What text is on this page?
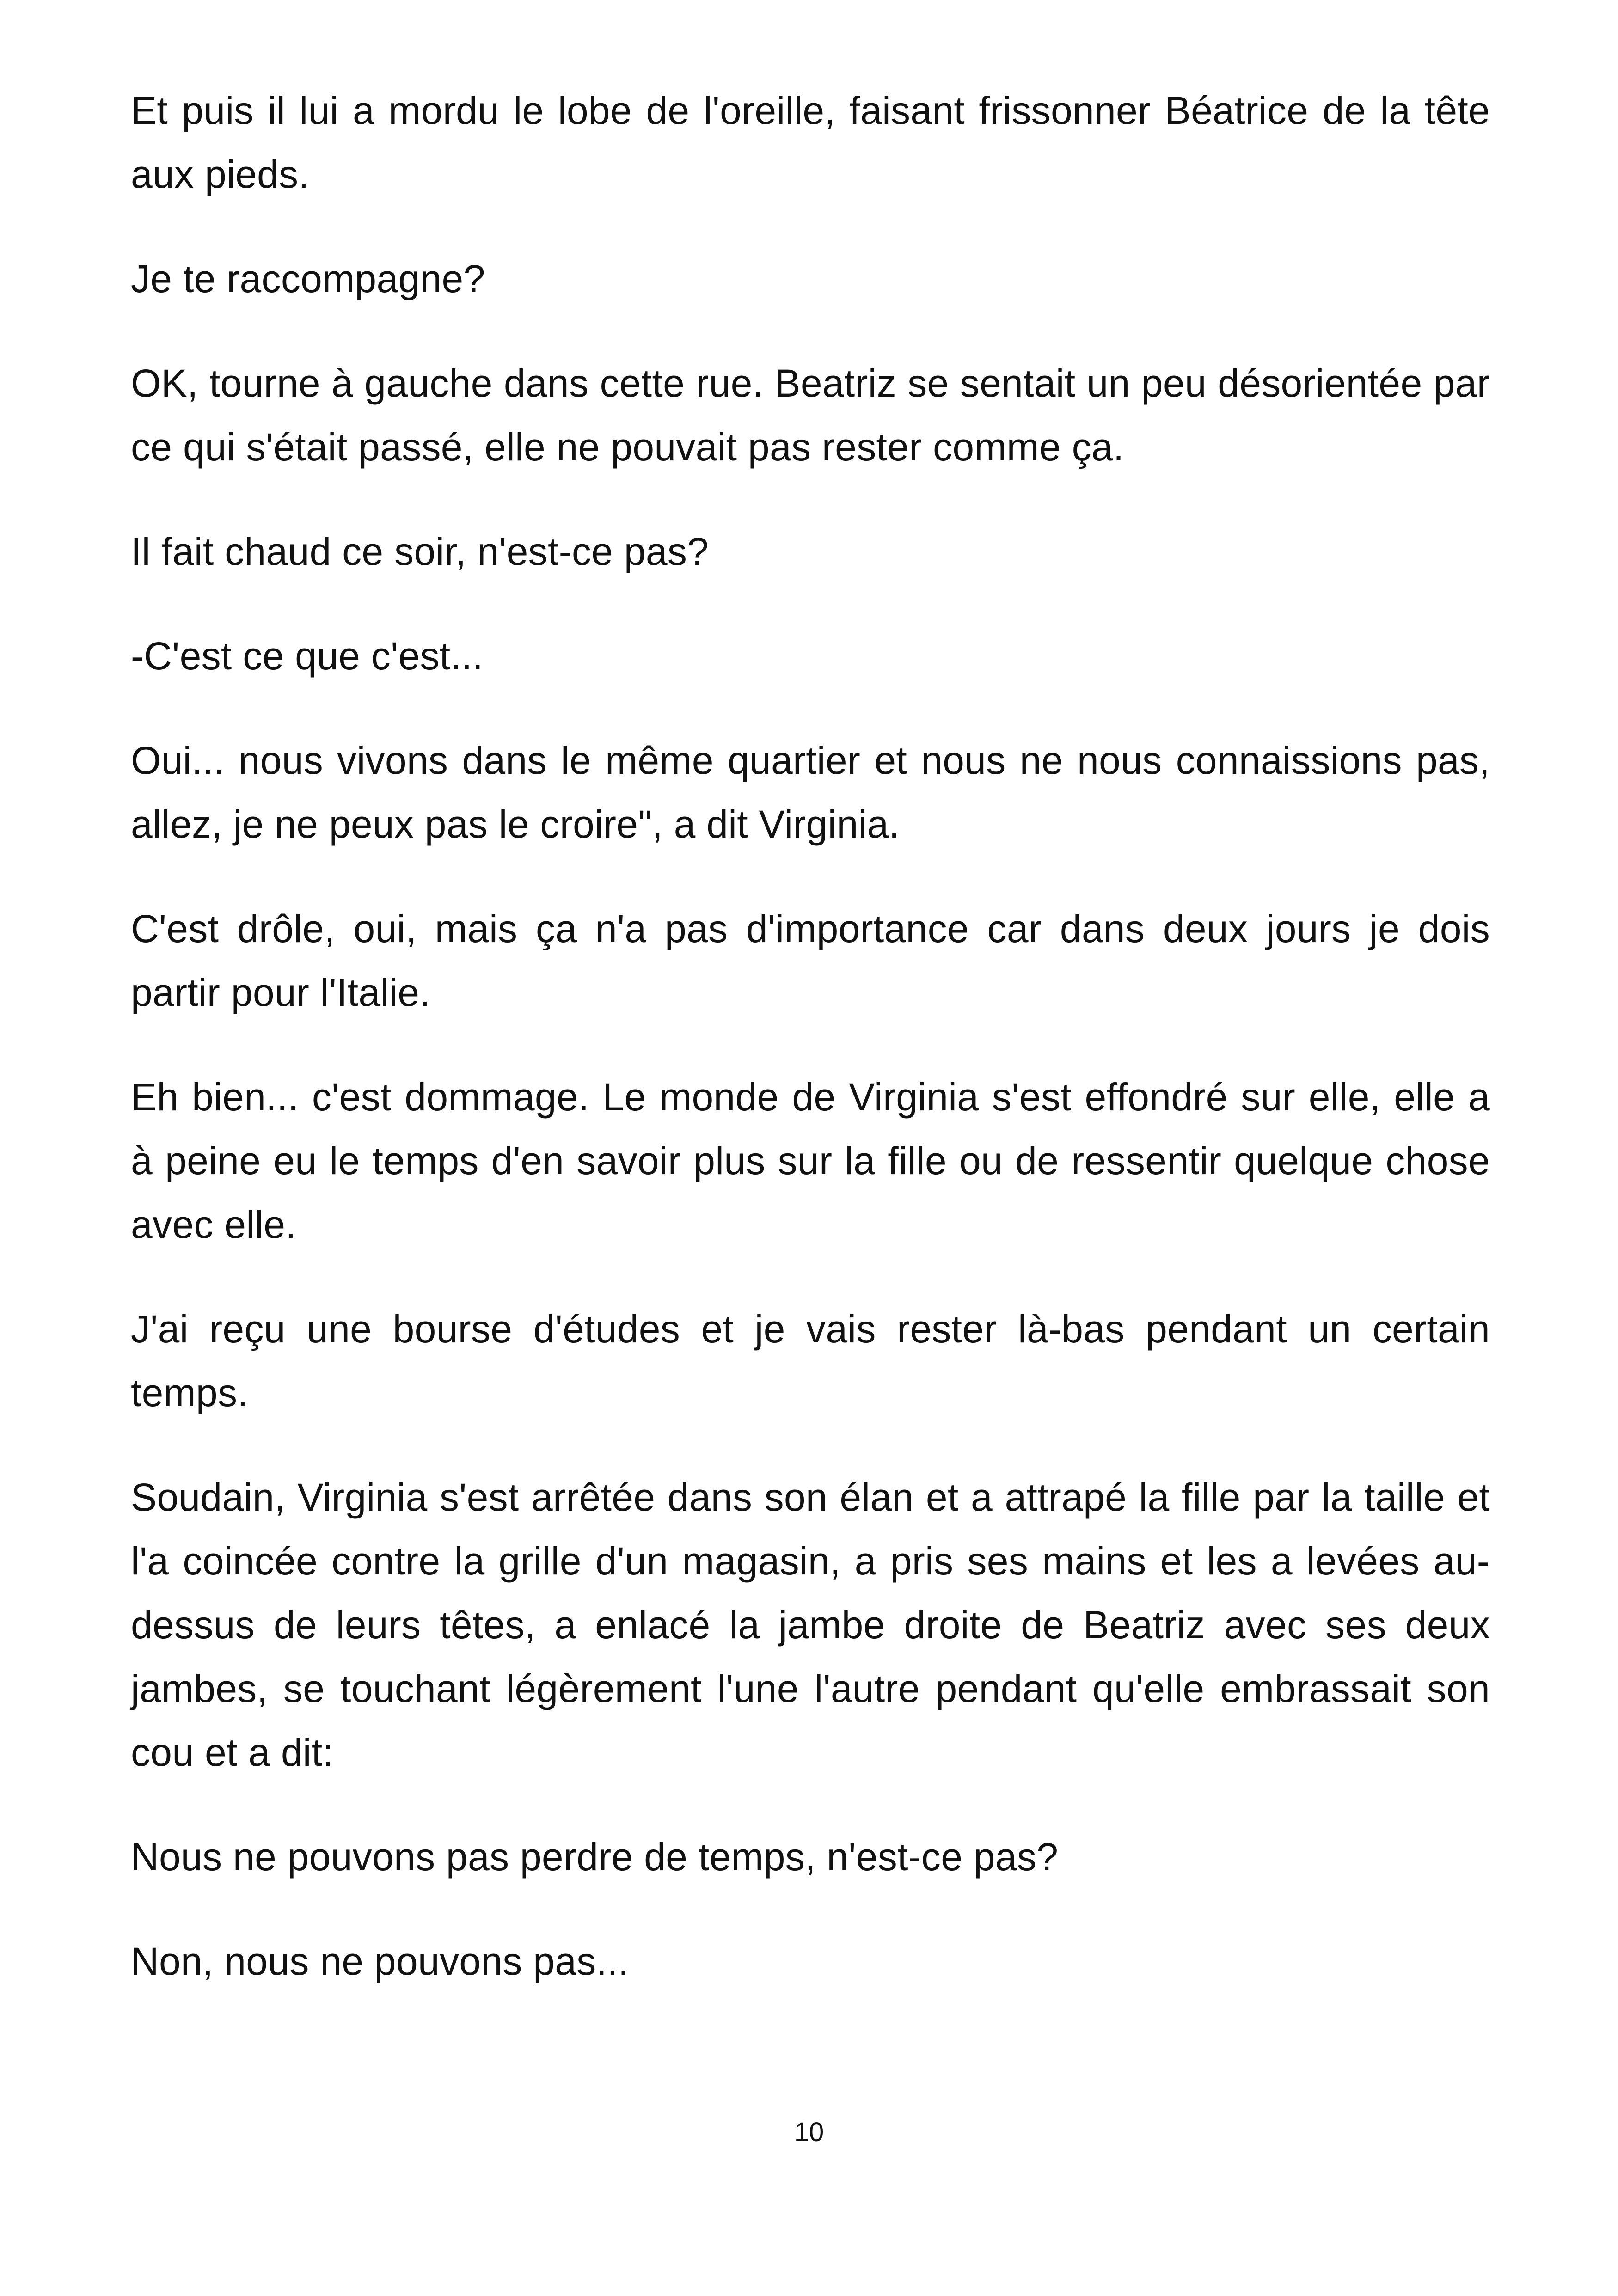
Et puis il lui a mordu le lobe de l'oreille, faisant frissonner Béatrice de la tête aux pieds.

Je te raccompagne?

OK, tourne à gauche dans cette rue. Beatriz se sentait un peu désorientée par ce qui s'était passé, elle ne pouvait pas rester comme ça.

Il fait chaud ce soir, n'est-ce pas?

-C'est ce que c'est...

Oui... nous vivons dans le même quartier et nous ne nous connaissions pas, allez, je ne peux pas le croire", a dit Virginia.

C'est drôle, oui, mais ça n'a pas d'importance car dans deux jours je dois partir pour l'Italie.

Eh bien... c'est dommage. Le monde de Virginia s'est effondré sur elle, elle a à peine eu le temps d'en savoir plus sur la fille ou de ressentir quelque chose avec elle.

J'ai reçu une bourse d'études et je vais rester là-bas pendant un certain temps.

Soudain, Virginia s'est arrêtée dans son élan et a attrapé la fille par la taille et l'a coincée contre la grille d'un magasin, a pris ses mains et les a levées au-dessus de leurs têtes, a enlacé la jambe droite de Beatriz avec ses deux jambes, se touchant légèrement l'une l'autre pendant qu'elle embrassait son cou et a dit:

Nous ne pouvons pas perdre de temps, n'est-ce pas?

Non, nous ne pouvons pas...

10
